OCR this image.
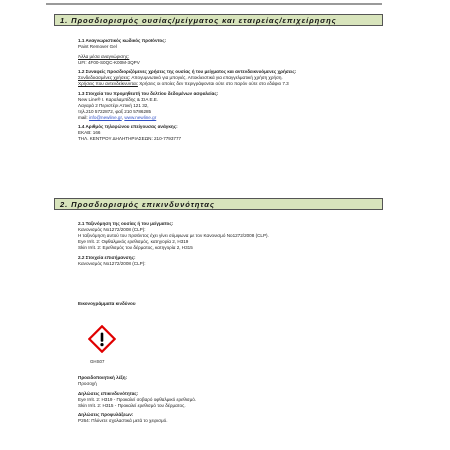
1. Προσδιορισμός ουσίας/μείγματος και εταιρείας/επιχείρησης
1.1 Αναγνωριστικός κωδικός προϊόντος:
Paint Remover Gel
Άλλα μέσα αναγνώρισης:
UFI: 4F00-S0QC-K00M-3QPV
1.2 Συναφείς προσδιοριζόμενες χρήσεις της ουσίας ή του μείγματος και αντενδεικνυόμενες χρήσεις:
Συνδεδυασμένες χρήσεις: Απογυμνωτικό για μπογιές. Αποκλειστικά για επαγγελματική χρήση χρήση.
Χρήσεις που αντενδείκνυνται: Χρήσεις οι οποίες δεν περιγράφονται ούτε στο παρόν ούτε στο εδάφιο 7.3
1.3 Στοιχεία του προμηθευτή του δελτίου δεδομένων ασφαλείας:
New Line® I. Καραλαμπίδης & ΣΙΑ Ε.Ε.
Λαγαρά 2 Περιστέρι Αττική 121 32,
τηλ.210 5722872, φαξ 210 5786285
mail: info@newline.gr, www.newline.gr
1.4 Αριθμός τηλεφώνου επείγουσας ανάγκης:
ΕΚΑΒ: 166
ΤΗΛ. ΚΕΝΤΡΟΥ ΔΗΛΗΤΗΡΙΑΣΕΩΝ: 210-7793777
2. Προσδιορισμός επικινδυνότητας
2.1 Ταξινόμηση της ουσίας ή του μείγματος:
Κανονισμός Νο1272/2008 (CLP):
Η ταξινόμηση αυτού του προϊόντος έχει γίνει σύμφωνα με τον Κανονισμό Νο1272/2008 (CLP).
Eye Irrit. 2: Οφθαλμικός ερεθισμός, κατηγορία 2, H319
Skin Irrit. 2: Ερεθισμός του δέρματος, κατηγορία 2, H315
2.2 Στοιχεία επισήμανσης:
Κανονισμός Νο1272/2008 (CLP):
Εικονογράμματα κινδύνου
GHS07
Προειδοποιητική λέξη:
Προσοχή
Δηλώσεις επικινδυνότητας:
Eye Irrit. 2: H319 - Προκαλεί σοβαρό οφθαλμικό ερεθισμό.
Skin Irrit. 2: H315 - Προκαλεί ερεθισμό του δέρματος.
Δηλώσεις προφυλάξεων:
P264: Πλύνετε σχολαστικά μετά το χειρισμό.
